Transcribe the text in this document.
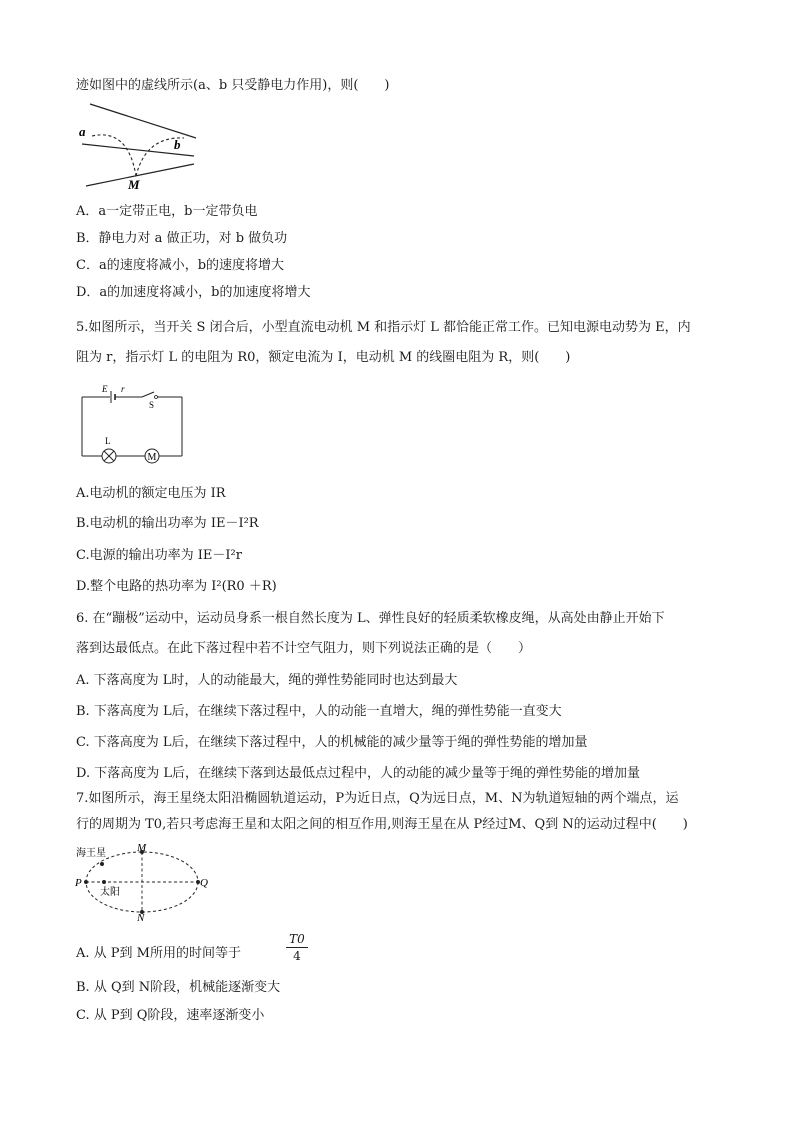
迹如图中的虚线所示(a、b 只受静电力作用)，则(　　)
a
b
M
A．a一定带正电，b一定带负电
B．静电力对 a 做正功，对 b 做负功
C．a的速度将减小，b的速度将增大
D．a的加速度将减小，b的加速度将增大
5.如图所示，当开关 S 闭合后，小型直流电动机 M 和指示灯 L 都恰能正常工作。已知电源电动势为 E，内
阻为 r，指示灯 L 的电阻为 R0，额定电流为 I，电动机 M 的线圈电阻为 R，则(　　)
M
E r
S
L
A.电动机的额定电压为 IR
B.电动机的输出功率为 IE－I²R
C.电源的输出功率为 IE－I²r
D.整个电路的热功率为 I²(R0 ＋R)
6. 在“蹦极”运动中，运动员身系一根自然长度为 L、弹性良好的轻质柔软橡皮绳，从高处由静止开始下
落到达最低点。在此下落过程中若不计空气阻力，则下列说法正确的是（　　）
A. 下落高度为 L时，人的动能最大，绳的弹性势能同时也达到最大
B. 下落高度为 L后，在继续下落过程中，人的动能一直增大，绳的弹性势能一直变大
C. 下落高度为 L后，在继续下落过程中，人的机械能的减少量等于绳的弹性势能的增加量
D. 下落高度为 L后，在继续下落到达最低点过程中，人的动能的减少量等于绳的弹性势能的增加量
7.如图所示，海王星绕太阳沿椭圆轨道运动，P为近日点，Q为远日点，M、N为轨道短轴的两个端点，运
行的周期为 T0,若只考虑海王星和太阳之间的相互作用,则海王星在从 P经过M、Q到 N的运动过程中(　　)
海王星
太阳
P	Q
M
N
A. 从 P到 M所用的时间等于
T0
4
B. 从 Q到 N阶段，机械能逐渐变大
C. 从 P到 Q阶段，速率逐渐变小
